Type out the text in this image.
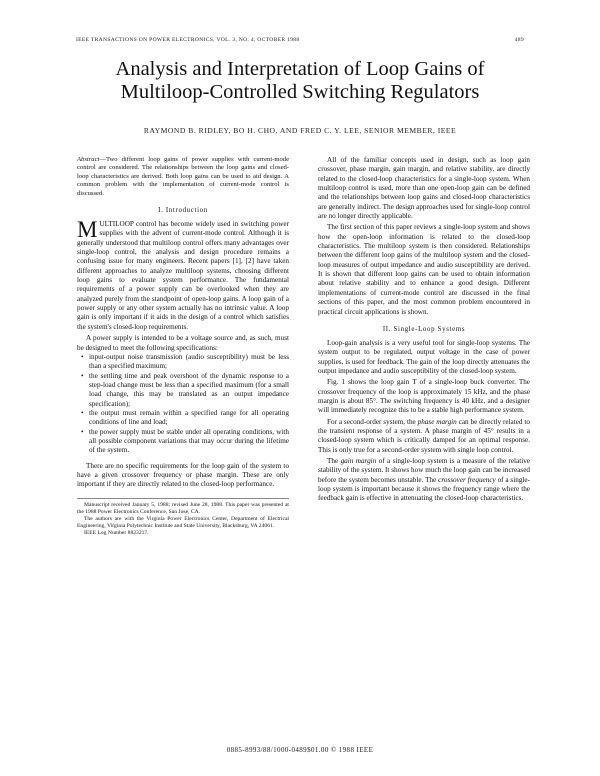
IEEE TRANSACTIONS ON POWER ELECTRONICS, VOL. 3, NO. 4, OCTOBER 1988	489
Analysis and Interpretation of Loop Gains of
Multiloop-Controlled Switching Regulators
RAYMOND B. RIDLEY, BO H. CHO, AND FRED C. Y. LEE, SENIOR MEMBER, IEEE

Abstract—Two different loop gains of power supplies with current-mode control are considered. The relationships between the loop gains and closed-loop characteristics are derived. Both loop gains can be used to aid design. A common problem with the implementation of current-mode control is discussed.

I. Introduction

MULTILOOP control has become widely used in switching power supplies with the advent of current-mode control. Although it is generally understood that multiloop control offers many advantages over single-loop control, the analysis and design procedure remains a confusing issue for many engineers. Recent papers [1], [2] have taken different approaches to analyze multiloop systems, choosing different loop gains to evaluate system performance. The fundamental requirements of a power supply can be overlooked when they are analyzed purely from the standpoint of open-loop gains. A loop gain of a power supply or any other system actually has no intrinsic value. A loop gain is only important if it aids in the design of a control which satisfies the system's closed-loop requirements.

A power supply is intended to be a voltage source and, as such, must be designed to meet the following specifications:

• input-output noise transmission (audio susceptibility) must be less than a specified maximum;
• the settling time and peak overshoot of the dynamic response to a step-load change must be less than a specified maximum (for a small load change, this may be translated as an output impedance specification);
• the output must remain within a specified range for all operating conditions of line and load;
• the power supply must be stable under all operating conditions, with all possible component variations that may occur during the lifetime of the system.

There are no specific requirements for the loop gain of the system to have a given crossover frequency or phase margin. These are only important if they are directly related to the closed-loop performance.

Manuscript received January 5, 1988; revised June 28, 1988. This paper was presented at the 1988 Power Electronics Conference, San Jose, CA.

The authors are with the Virginia Power Electronics Center, Department of Electrical Engineering, Virginia Polytechnic Institute and State University, Blacksburg, VA 24061.

IEEE Log Number 8823217.

All of the familiar concepts used in design, such as loop gain crossover, phase margin, gain margin, and relative stability, are directly related to the closed-loop characteristics for a single-loop system. When multiloop control is used, more than one open-loop gain can be defined and the relationships between loop gains and closed-loop characteristics are generally indirect. The design approaches used for single-loop control are no longer directly applicable.

The first section of this paper reviews a single-loop system and shows how the open-loop information is related to the closed-loop characteristics. The multiloop system is then considered. Relationships between the different loop gains of the multiloop system and the closed-loop measures of output impedance and audio susceptibility are derived. It is shown that different loop gains can be used to obtain information about relative stability and to enhance a good design. Different implementations of current-mode control are discussed in the final sections of this paper, and the most common problem encountered in practical circuit applications is shown.

II. Single-Loop Systems

Loop-gain analysis is a very useful tool for single-loop systems. The system output to be regulated, output voltage in the case of power supplies, is used for feedback. The gain of the loop directly attenuates the output impedance and audio susceptibility of the closed-loop system.

Fig. 1 shows the loop gain T of a single-loop buck converter. The crossover frequency of the loop is approximately 15 kHz, and the phase margin is about 85°. The switching frequency is 40 kHz, and a designer will immediately recognize this to be a stable high performance system.

For a second-order system, the phase margin can be directly related to the transient response of a system. A phase margin of 45° results in a closed-loop system which is critically damped for an optimal response. This is only true for a second-order system with single loop control.

The gain margin of a single-loop system is a measure of the relative stability of the system. It shows how much the loop gain can be increased before the system becomes unstable. The crossover frequency of a single-loop system is important because it shows the frequency range where the feedback gain is effective in attenuating the closed-loop characteristics.

0885-8993/88/1000-0489$01.00 © 1988 IEEE
